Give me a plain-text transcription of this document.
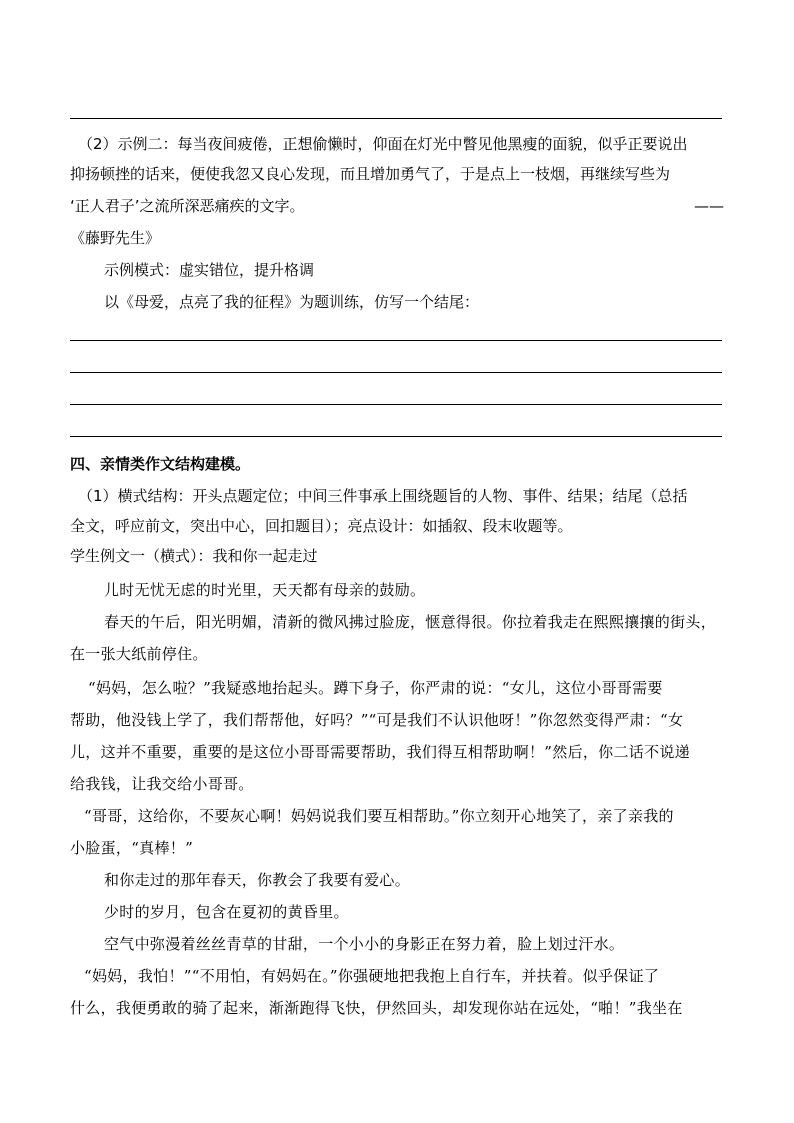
（2）示例二：每当夜间疲倦，正想偷懒时，仰面在灯光中瞥见他黑瘦的面貌，似乎正要说出
抑扬顿挫的话来，便使我忽又良心发现，而且增加勇气了，于是点上一枝烟，再继续写些为
‘正人君子’之流所深恶痛疾的文字。	——
《藤野先生》
示例模式：虚实错位，提升格调
以《母爱，点亮了我的征程》为题训练，仿写一个结尾：
四、亲情类作文结构建模。
（1）横式结构：开头点题定位；中间三件事承上围绕题旨的人物、事件、结果；结尾（总括
全文，呼应前文，突出中心，回扣题目）；亮点设计：如插叙、段末收题等。
学生例文一（横式）：我和你一起走过
儿时无忧无虑的时光里，天天都有母亲的鼓励。
春天的午后，阳光明媚，清新的微风拂过脸庞，惬意得很。你拉着我走在熙熙攘攘的街头，
在一张大纸前停住。
“妈妈，怎么啦？”我疑惑地抬起头。蹲下身子，你严肃的说：“女儿，这位小哥哥需要
帮助，他没钱上学了，我们帮帮他，好吗？”“可是我们不认识他呀！”你忽然变得严肃：“女
儿，这并不重要，重要的是这位小哥哥需要帮助，我们得互相帮助啊！”然后，你二话不说递
给我钱，让我交给小哥哥。
“哥哥，这给你，不要灰心啊！妈妈说我们要互相帮助。”你立刻开心地笑了，亲了亲我的
小脸蛋，“真棒！”
和你走过的那年春天，你教会了我要有爱心。
少时的岁月，包含在夏初的黄昏里。
空气中弥漫着丝丝青草的甘甜，一个小小的身影正在努力着，脸上划过汗水。
“妈妈，我怕！”“不用怕，有妈妈在。”你强硬地把我抱上自行车，并扶着。似乎保证了
什么，我便勇敢的骑了起来，渐渐跑得飞快，伊然回头，却发现你站在远处，“啪！”我坐在
